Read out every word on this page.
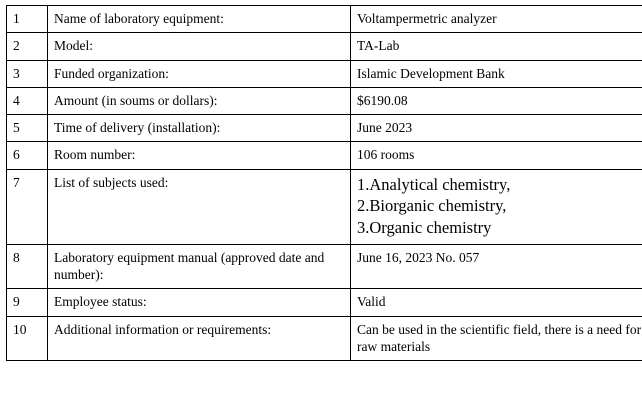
1	Name of laboratory equipment:	Voltampermetric analyzer
2	Model:	TA-Lab
3	Funded organization:	Islamic Development Bank
4	Amount (in soums or dollars):	$6190.08
5	Time of delivery (installation):	June 2023
6	Room number:	106 rooms
7	List of subjects used:	1.Analytical chemistry,
2.Biorganic chemistry,
3.Organic chemistry

8	Laboratory equipment manual (approved date and number):	June 16, 2023 No. 057
9	Employee status:	Valid
10	Additional information or requirements:	Can be used in the scientific field, there is a need for raw materials
